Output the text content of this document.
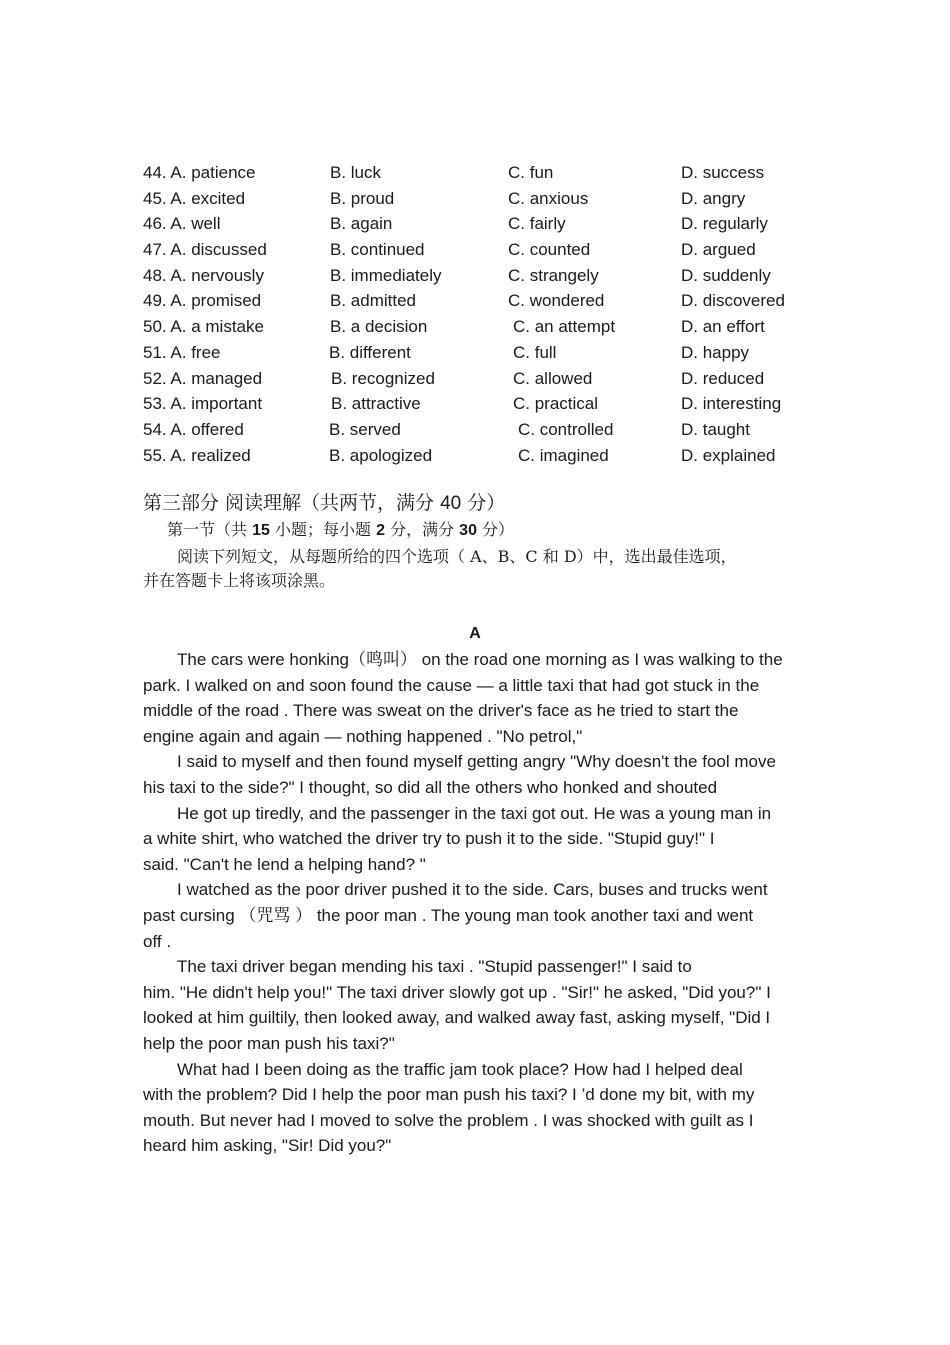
44. A. patience	B. luck	C. fun	D. success
45. A. excited	B. proud	C. anxious	D. angry
46. A. well	B. again	C. fairly	D. regularly
47. A. discussed	B. continued	C. counted	D. argued
48. A. nervously	B. immediately	C. strangely	D. suddenly
49. A. promised	B. admitted	C. wondered	D. discovered
50. A. a mistake	B. a decision	C. an attempt	D. an effort
51. A. free	B. different	C. full	D. happy
52. A. managed	B. recognized	C. allowed	D. reduced
53. A. important	B. attractive	C. practical	D. interesting
54. A. offered	B. served	C. controlled	D. taught
55. A. realized	B. apologized	C. imagined	D. explained
第三部分 阅读理解（共两节，满分 40 分）
第一节（共 15 小题；每小题 2 分，满分 30 分）
阅读下列短文，从每题所给的四个选项（ A、B、C 和 D）中，选出最佳选项，
并在答题卡上将该项涂黑。
A
The cars were honking（鸣叫） on the road one morning as I was walking to the
park. I walked on and soon found the cause — a little taxi that had got stuck in the
middle of the road . There was sweat on the driver's face as he tried to start the
engine again and again — nothing happened . "No petrol,"
I said to myself and then found myself getting angry "Why doesn't the fool move
his taxi to the side?" I thought, so did all the others who honked and shouted
He got up tiredly, and the passenger in the taxi got out. He was a young man in
a white shirt, who watched the driver try to push it to the side. "Stupid guy!" I
said. "Can't he lend a helping hand? "
I watched as the poor driver pushed it to the side. Cars, buses and trucks went
past cursing （咒骂 ） the poor man . The young man took another taxi and went
off .
The taxi driver began mending his taxi . "Stupid passenger!" I said to
him. "He didn't help you!" The taxi driver slowly got up . "Sir!" he asked, "Did you?" I
looked at him guiltily, then looked away, and walked away fast, asking myself, "Did I
help the poor man push his taxi?"
What had I been doing as the traffic jam took place? How had I helped deal
with the problem? Did I help the poor man push his taxi? I ’d done my bit, with my
mouth. But never had I moved to solve the problem . I was shocked with guilt as I
heard him asking, "Sir! Did you?"
